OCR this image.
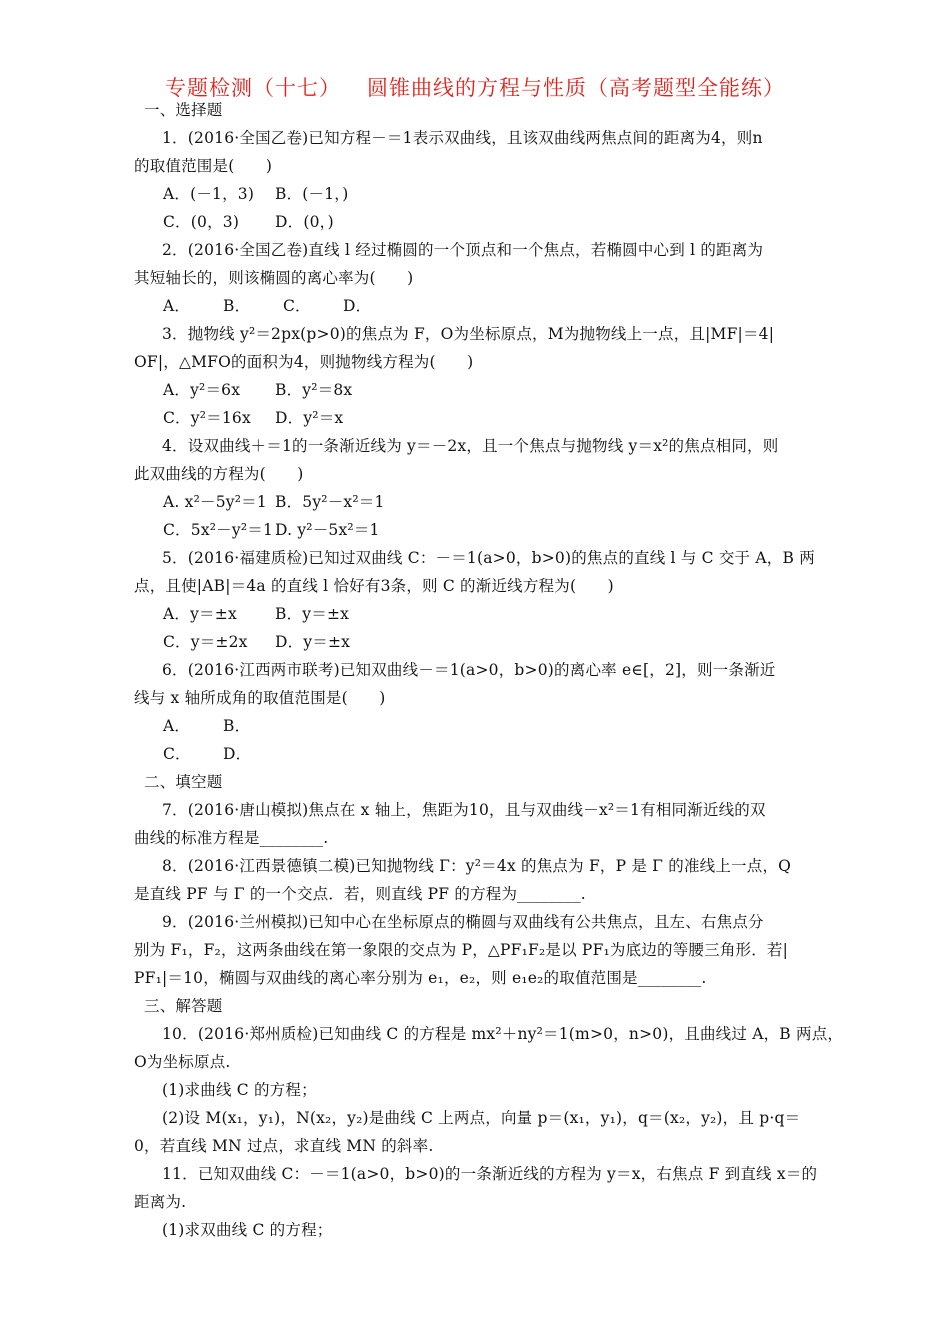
专题检测（十七） 圆锥曲线的方程与性质（高考题型全能练）
一、选择题
1．(2016·全国乙卷)已知方程－＝1表示双曲线，且该双曲线两焦点间的距离为4，则n
的取值范围是(　　)
A．(－1，3) B．(－1，)
C．(0，3) D．(0，)
2．(2016·全国乙卷)直线 l 经过椭圆的一个顶点和一个焦点，若椭圆中心到 l 的距离为
其短轴长的，则该椭圆的离心率为(　　)
A． B． C． D．
3．抛物线 y²＝2px(p>0)的焦点为 F，O为坐标原点，M为抛物线上一点，且|MF|＝4|
OF|，△MFO的面积为4，则抛物线方程为(　　)
A．y²＝6x B．y²＝8x
C．y²＝16x D．y²＝x
4．设双曲线＋＝1的一条渐近线为 y＝－2x，且一个焦点与抛物线 y＝x²的焦点相同，则
此双曲线的方程为(　　)
A. x²－5y²＝1 B．5y²－x²＝1
C．5x²－y²＝1 D. y²－5x²＝1
5．(2016·福建质检)已知过双曲线 C：－＝1(a>0，b>0)的焦点的直线 l 与 C 交于 A，B 两
点，且使|AB|＝4a 的直线 l 恰好有3条，则 C 的渐近线方程为(　　)
A．y＝±x B．y＝±x
C．y＝±2x D．y＝±x
6．(2016·江西两市联考)已知双曲线－＝1(a>0，b>0)的离心率 e∈[，2]，则一条渐近
线与 x 轴所成角的取值范围是(　　)
A． B．
C． D．
二、填空题
7．(2016·唐山模拟)焦点在 x 轴上，焦距为10，且与双曲线－x²＝1有相同渐近线的双
曲线的标准方程是________.
8．(2016·江西景德镇二模)已知抛物线 Γ：y²＝4x 的焦点为 F，P 是 Γ 的准线上一点，Q
是直线 PF 与 Γ 的一个交点．若，则直线 PF 的方程为________.
9．(2016·兰州模拟)已知中心在坐标原点的椭圆与双曲线有公共焦点，且左、右焦点分
别为 F₁，F₂，这两条曲线在第一象限的交点为 P，△PF₁F₂是以 PF₁为底边的等腰三角形．若|
PF₁|＝10，椭圆与双曲线的离心率分别为 e₁，e₂，则 e₁e₂的取值范围是________.
三、解答题
10．(2016·郑州质检)已知曲线 C 的方程是 mx²＋ny²＝1(m>0，n>0)，且曲线过 A，B 两点，
O为坐标原点.
(1)求曲线 C 的方程；
(2)设 M(x₁，y₁)，N(x₂，y₂)是曲线 C 上两点，向量 p＝(x₁，y₁)，q＝(x₂，y₂)，且 p·q＝
0，若直线 MN 过点，求直线 MN 的斜率.
11．已知双曲线 C：－＝1(a>0，b>0)的一条渐近线的方程为 y＝x，右焦点 F 到直线 x＝的
距离为.
(1)求双曲线 C 的方程；
